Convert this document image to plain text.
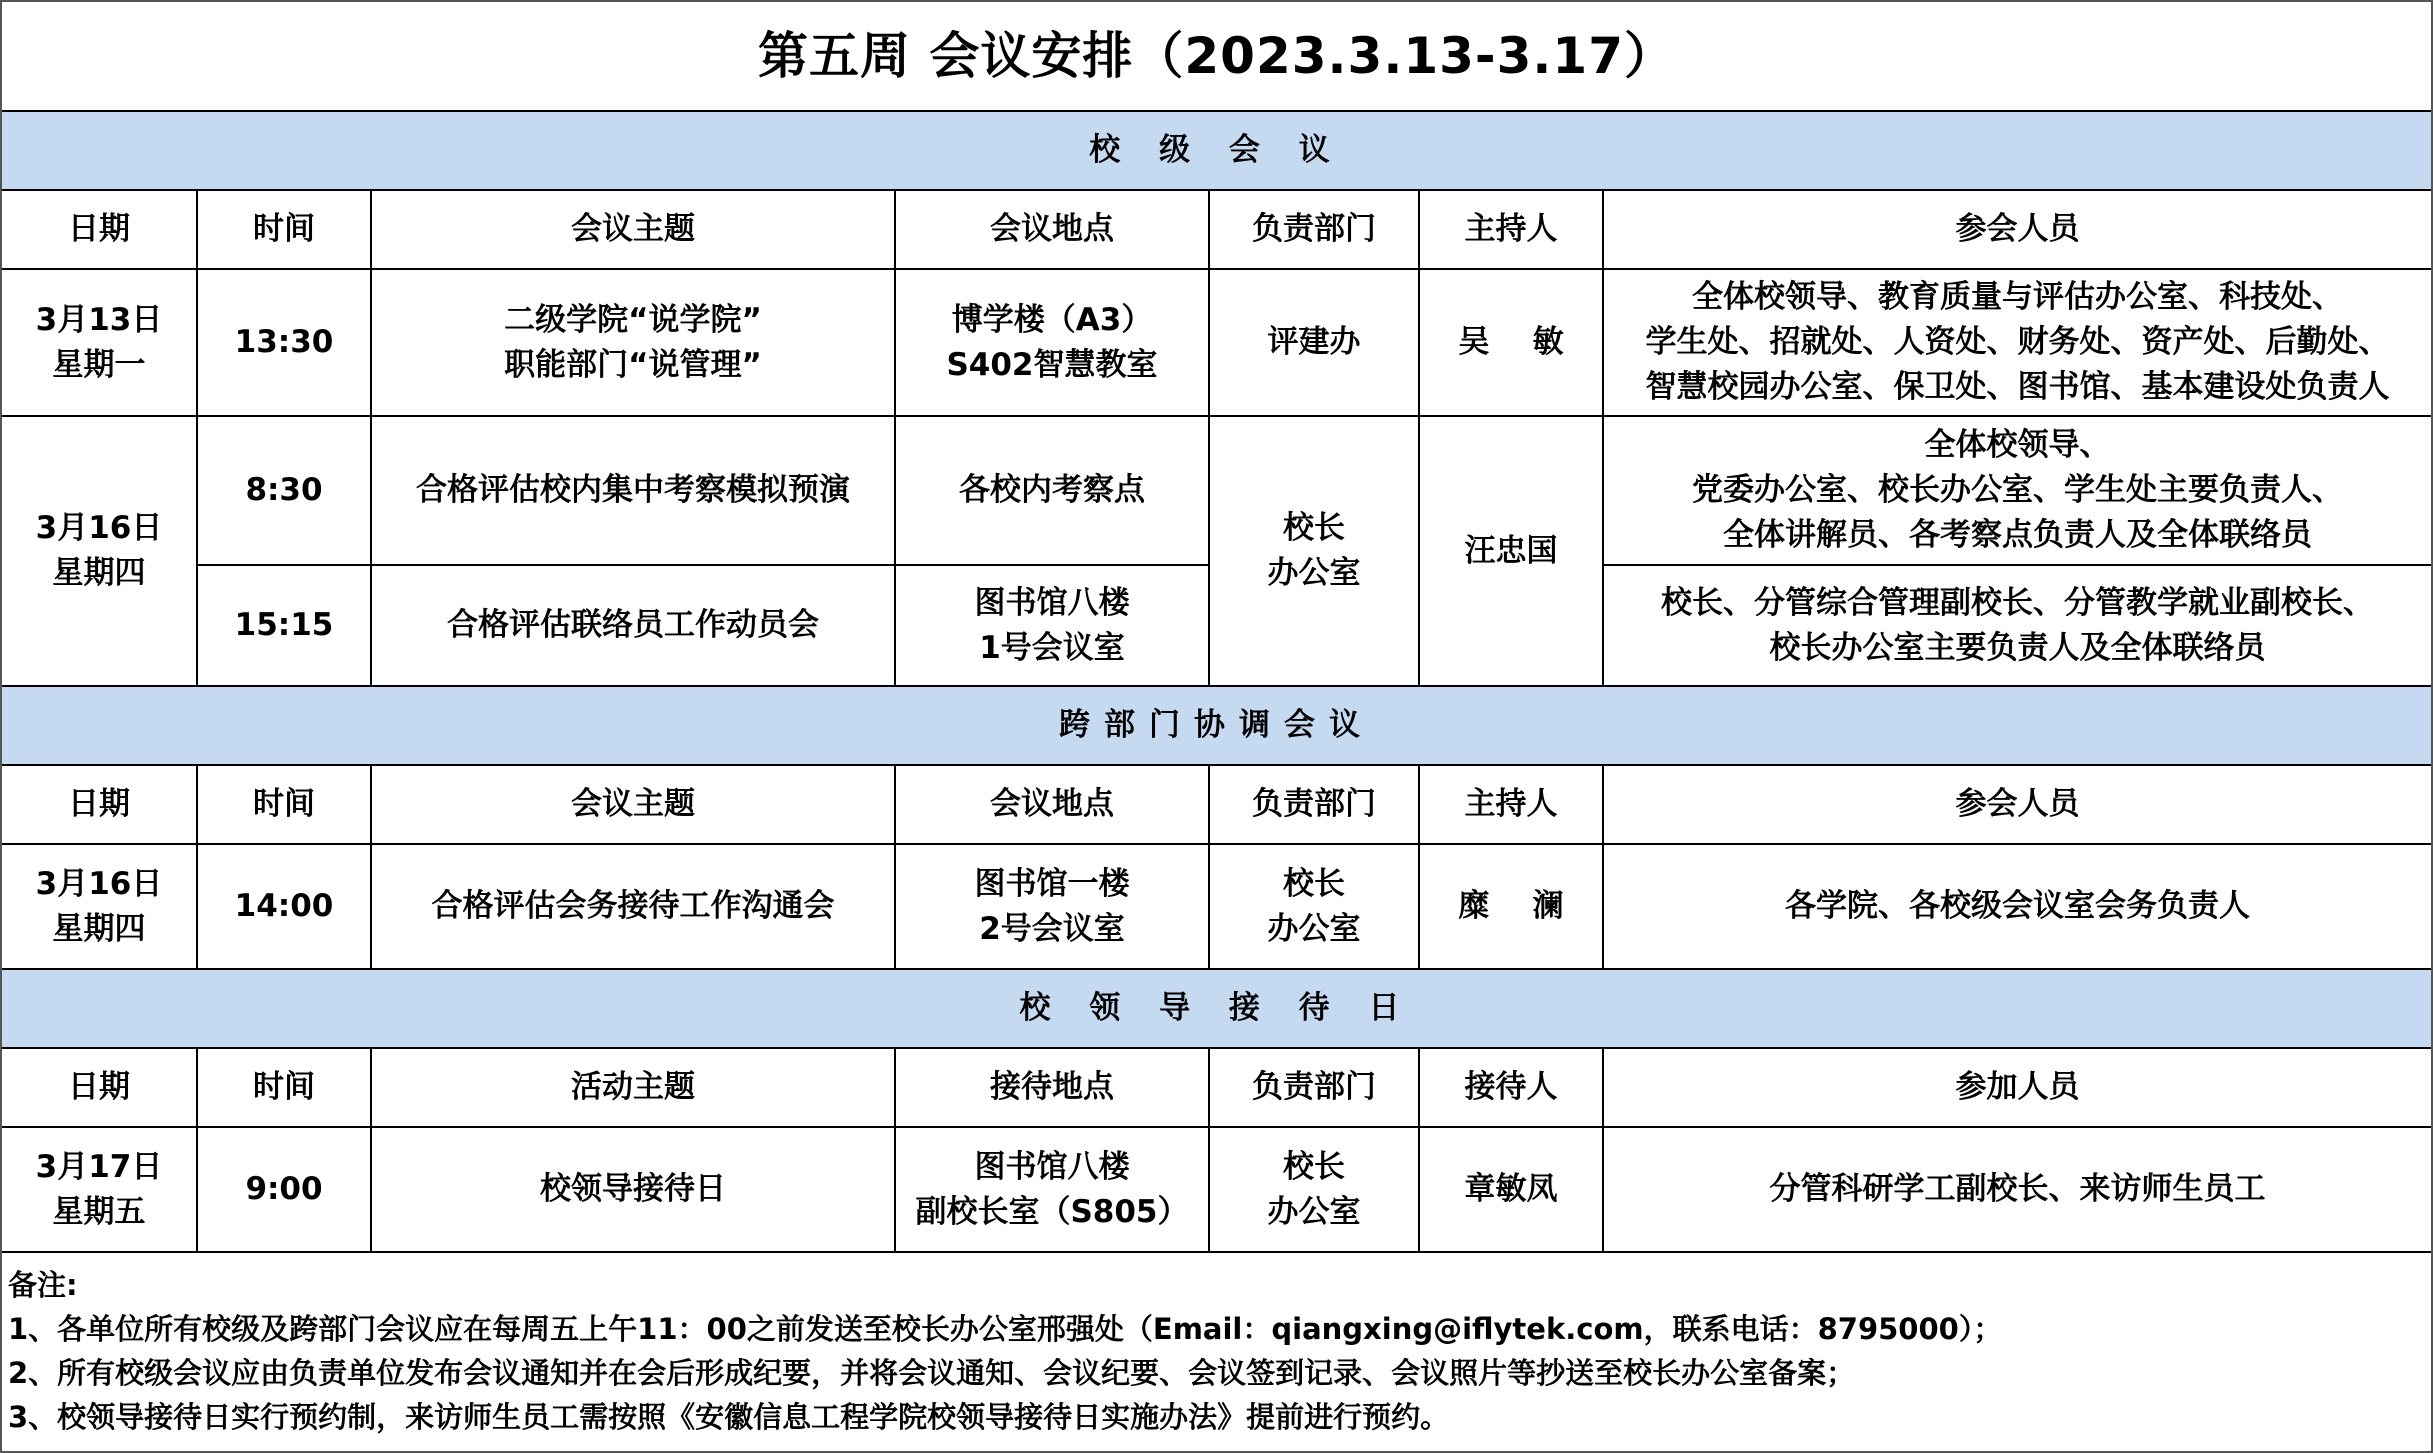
第五周 会议安排（2023.3.13-3.17）
校 级 会 议						
日期	时间	会议主题	会议地点	负责部门	主持人	参会人员

3月13日
星期一	13:30	二级学院“说学院”
职能部门“说管理”	博学楼（A3）
S402智慧教室	评建办	吴    敏	全体校领导、教育质量与评估办公室、科技处、
学生处、招就处、人资处、财务处、资产处、后勤处、
智慧校园办公室、保卫处、图书馆、基本建设处负责人

3月16日
星期四	8:30	合格评估校内集中考察模拟预演	各校内考察点	校长
办公室	汪忠国	全体校领导、
党委办公室、校长办公室、学生处主要负责人、
全体讲解员、各考察点负责人及全体联络员

	15:15	合格评估联络员工作动员会	图书馆八楼
1号会议室			校长、分管综合管理副校长、分管教学就业副校长、
校长办公室主要负责人及全体联络员

跨部门协调会议						
日期	时间	会议主题	会议地点	负责部门	主持人	参会人员

3月16日
星期四	14:00	合格评估会务接待工作沟通会	图书馆一楼
2号会议室	校长
办公室	糜    澜	各学院、各校级会议室会务负责人
校 领 导 接 待 日						
日期	时间	活动主题	接待地点	负责部门	接待人	参加人员

3月17日
星期五	9:00	校领导接待日	图书馆八楼
副校长室（S805）	校长
办公室	章敏凤	分管科研学工副校长、来访师生员工
备注:
1、各单位所有校级及跨部门会议应在每周五上午11：00之前发送至校长办公室邢强处（Email：qiangxing@iflytek.com，联系电话：8795000）；
2、所有校级会议应由负责单位发布会议通知并在会后形成纪要，并将会议通知、会议纪要、会议签到记录、会议照片等抄送至校长办公室备案；
3、校领导接待日实行预约制，来访师生员工需按照《安徽信息工程学院校领导接待日实施办法》提前进行预约。
